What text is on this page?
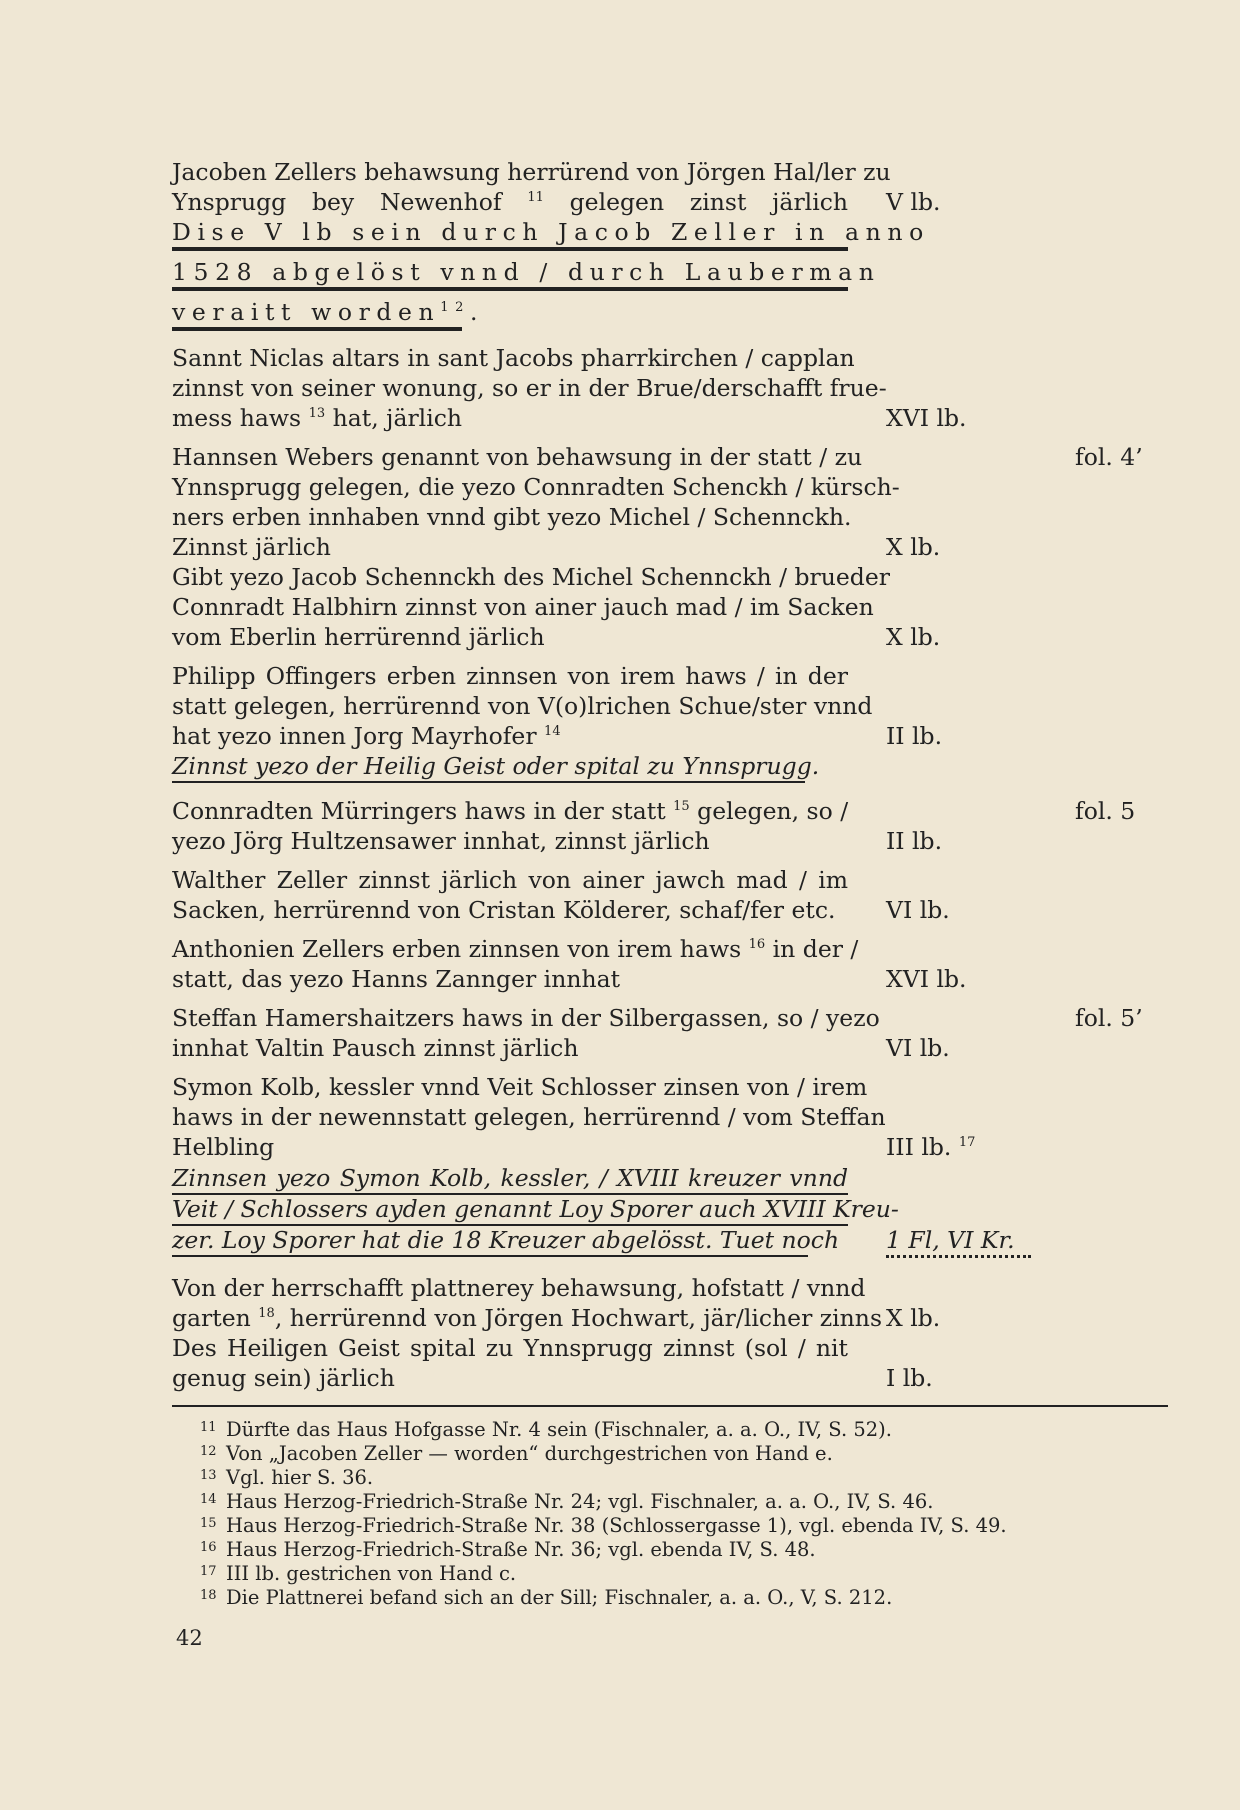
Jacoben Zellers behawsung herrürend von Jörgen Hal/ler zu
Ynsprugg bey Newenhof $^{11}$ gelegen zinst järlich V lb.
Dise V lb sein durch Jacob Zeller in anno
1528 abgelöst vnnd / durch Lauberman
veraitt worden$^{12}$.
Sannt Niclas altars in sant Jacobs pharrkirchen / capplan
zinnst von seiner wonung, so er in der Brue/derschafft frue-
mess haws $^{13}$ hat, järlich	XVI lb.
Hannsen Webers genannt von behawsung in der statt / zu	fol. 4’
Ynnsprugg gelegen, die yezo Connradten Schenckh / kürsch-
ners erben innhaben vnnd gibt yezo Michel / Schennckh.
Zinnst järlich	X lb.
Gibt yezo Jacob Schennckh des Michel Schennckh / brueder
Connradt Halbhirn zinnst von ainer jauch mad / im Sacken
vom Eberlin herrürennd järlich	X lb.
Philipp Offingers erben zinnsen von irem haws / in der
statt gelegen, herrürennd von V(o)lrichen Schue/ster vnnd
hat yezo innen Jorg Mayrhofer $^{14}$	II lb.
Zinnst yezo der Heilig Geist oder spital zu Ynnsprugg.
Connradten Mürringers haws in der statt $^{15}$ gelegen, so /	fol. 5
yezo Jörg Hultzensawer innhat, zinnst järlich	II lb.
Walther Zeller zinnst järlich von ainer jawch mad / im
Sacken, herrürennd von Cristan Kölderer, schaf/fer etc.	VI lb.
Anthonien Zellers erben zinnsen von irem haws $^{16}$ in der /
statt, das yezo Hanns Zannger innhat	XVI lb.
Steffan Hamershaitzers haws in der Silbergassen, so / yezo	fol. 5’
innhat Valtin Pausch zinnst järlich	VI lb.
Symon Kolb, kessler vnnd Veit Schlosser zinsen von / irem
haws in der newennstatt gelegen, herrürennd / vom Steffan
Helbling	III lb. $^{17}$
Zinnsen yezo Symon Kolb, kessler, / XVIII kreuzer vnnd
Veit / Schlossers ayden genannt Loy Sporer auch XVIII Kreu-
zer. Loy Sporer hat die 18 Kreuzer abgelösst. Tuet noch 1 Fl, VI Kr.
Von der herrschafft plattnerey behawsung, hofstatt / vnnd
garten $^{18}$, herrürennd von Jörgen Hochwart, jär/licher zinns X lb.
Des Heiligen Geist spital zu Ynnsprugg zinnst (sol / nit
genug sein) järlich	I lb.
11 Dürfte das Haus Hofgasse Nr. 4 sein (Fischnaler, a. a. O., IV, S. 52).
12 Von „Jacoben Zeller — worden“ durchgestrichen von Hand e.
13 Vgl. hier S. 36.
14 Haus Herzog-Friedrich-Straße Nr. 24; vgl. Fischnaler, a. a. O., IV, S. 46.
15 Haus Herzog-Friedrich-Straße Nr. 38 (Schlossergasse 1), vgl. ebenda IV, S. 49.
16 Haus Herzog-Friedrich-Straße Nr. 36; vgl. ebenda IV, S. 48.
17 III lb. gestrichen von Hand c.
18 Die Plattnerei befand sich an der Sill; Fischnaler, a. a. O., V, S. 212.
42
